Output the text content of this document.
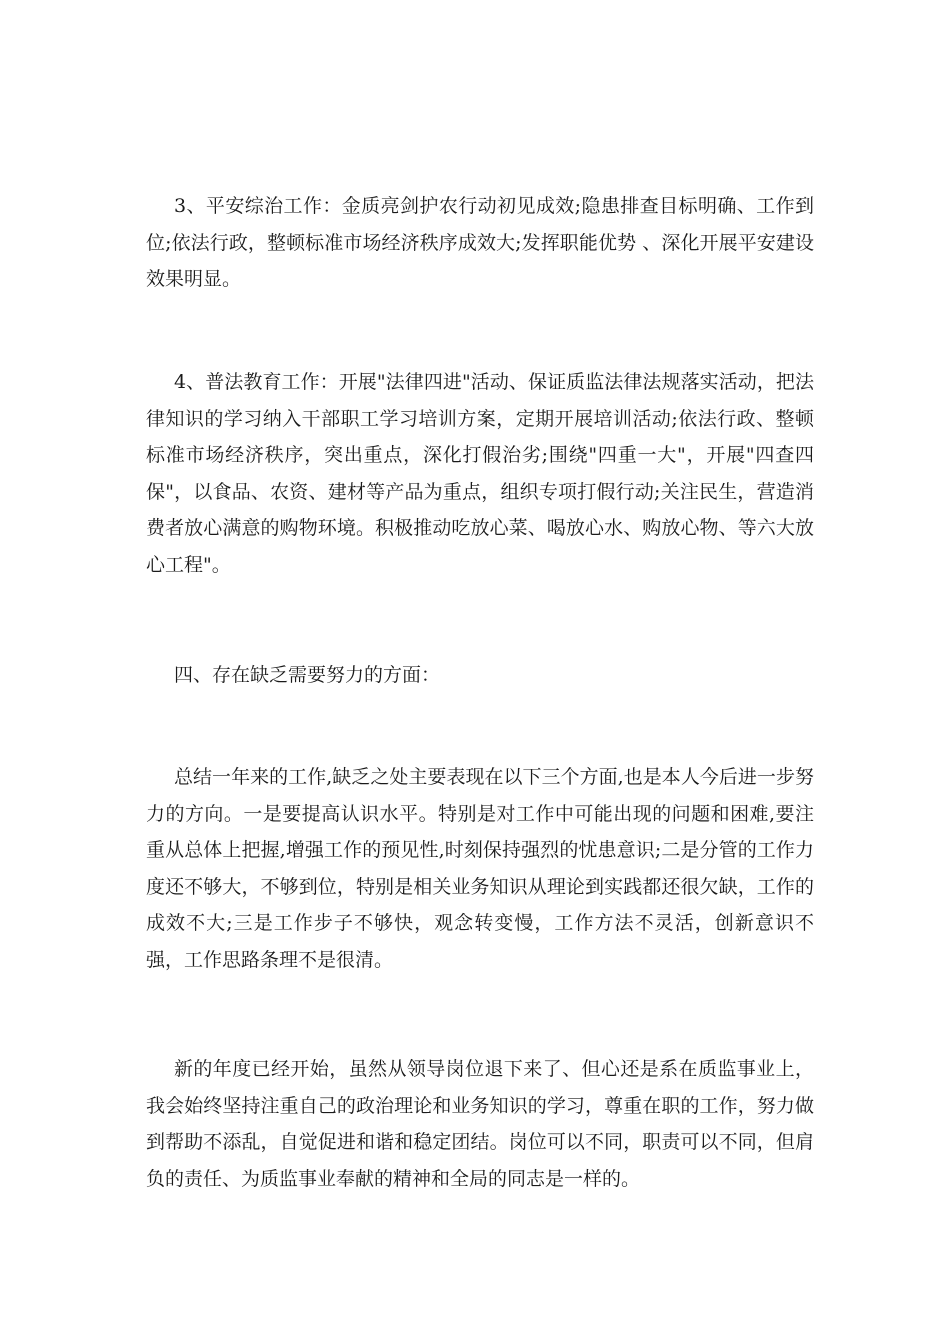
3、平安综治工作：金质亮剑护农行动初见成效;隐患排查目标明确、工作到位;依法行政，整顿标准市场经济秩序成效大;发挥职能优势 、深化开展平安建设效果明显。

4、普法教育工作：开展"法律四进"活动、保证质监法律法规落实活动，把法律知识的学习纳入干部职工学习培训方案，定期开展培训活动;依法行政、整顿标准市场经济秩序，突出重点，深化打假治劣;围绕"四重一大"，开展"四查四保"，以食品、农资、建材等产品为重点，组织专项打假行动;关注民生，营造消费者放心满意的购物环境。积极推动吃放心菜、喝放心水、购放心物、等六大放心工程"。

四、存在缺乏需要努力的方面：

总结一年来的工作,缺乏之处主要表现在以下三个方面,也是本人今后进一步努力的方向。一是要提高认识水平。特别是对工作中可能出现的问题和困难,要注重从总体上把握,增强工作的预见性,时刻保持强烈的忧患意识;二是分管的工作力度还不够大，不够到位，特别是相关业务知识从理论到实践都还很欠缺，工作的成效不大;三是工作步子不够快，观念转变慢，工作方法不灵活，创新意识不强，工作思路条理不是很清。

新的年度已经开始，虽然从领导岗位退下来了、但心还是系在质监事业上，我会始终坚持注重自己的政治理论和业务知识的学习，尊重在职的工作，努力做到帮助不添乱，自觉促进和谐和稳定团结。岗位可以不同，职责可以不同，但肩负的责任、为质监事业奉献的精神和全局的同志是一样的。
